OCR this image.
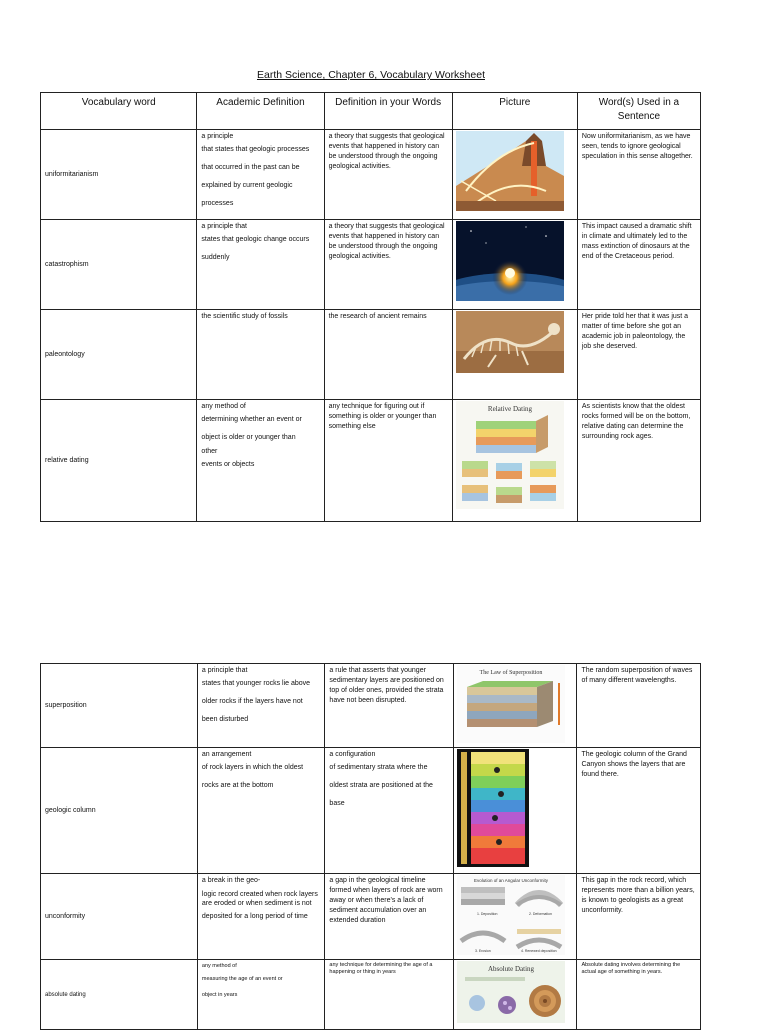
Earth Science, Chapter 6, Vocabulary Worksheet
Vocabulary word	Academic Definition	Definition in your Words	Picture	Word(s) Used in a Sentence
uniformitarianism	a principle
that states that geologic processes
that occurred in the past can be
explained by current geologic
processes	a theory that suggests that geological events that happened in history can be understood through the ongoing geological activities.		Now uniformitarianism, as we have seen, tends to ignore geological speculation in this sense altogether.
catastrophism	a principle that
states that geologic change occurs
suddenly	a theory that suggests that geological events that happened in history can be understood through the ongoing geological activities.		This impact caused a dramatic shift in climate and ultimately led to the mass extinction of dinosaurs at the end of the Cretaceous period.
paleontology	the scientific study of fossils	the research of ancient remains		Her pride told her that it was just a matter of time before she got an academic job in paleontology, the job she deserved.
relative dating	any method of
determining whether an event or
object is older or younger than
other
events or objects	any technique for figuring out if something is older or younger than something else	Relative Dating	As scientists know that the oldest rocks formed will be on the bottom, relative dating can determine the surrounding rock ages.
superposition	a principle that
states that younger rocks lie above
older rocks if the layers have not
been disturbed	a rule that asserts that younger sedimentary layers are positioned on top of older ones, provided the strata have not been disrupted.	The Law of Superposition	The random superposition of waves of many different wavelengths.
geologic column	an arrangement
of rock layers in which the oldest
rocks are at the bottom	a configuration
of sedimentary strata where the
oldest strata are positioned at the base		The geologic column of the Grand Canyon shows the layers that are found there.
unconformity	a break in the geo-
logic record created when rock layers are eroded or when sediment is not
deposited for a long period of time	a gap in the geological timeline formed when layers of rock are worn away or when there's a lack of sediment accumulation over an extended duration	Evolution of an Angular Unconformity
1. Deposition 2. Deformation
3. Erosion 4. Renewed deposition	This gap in the rock record, which represents more than a billion years, is known to geologists as a great unconformity.
absolute dating	any method of
measuring the age of an event or
object in years	any technique for determining the age of a happening or thing in years	Absolute Dating	Absolute dating involves determining the actual age of something in years.
